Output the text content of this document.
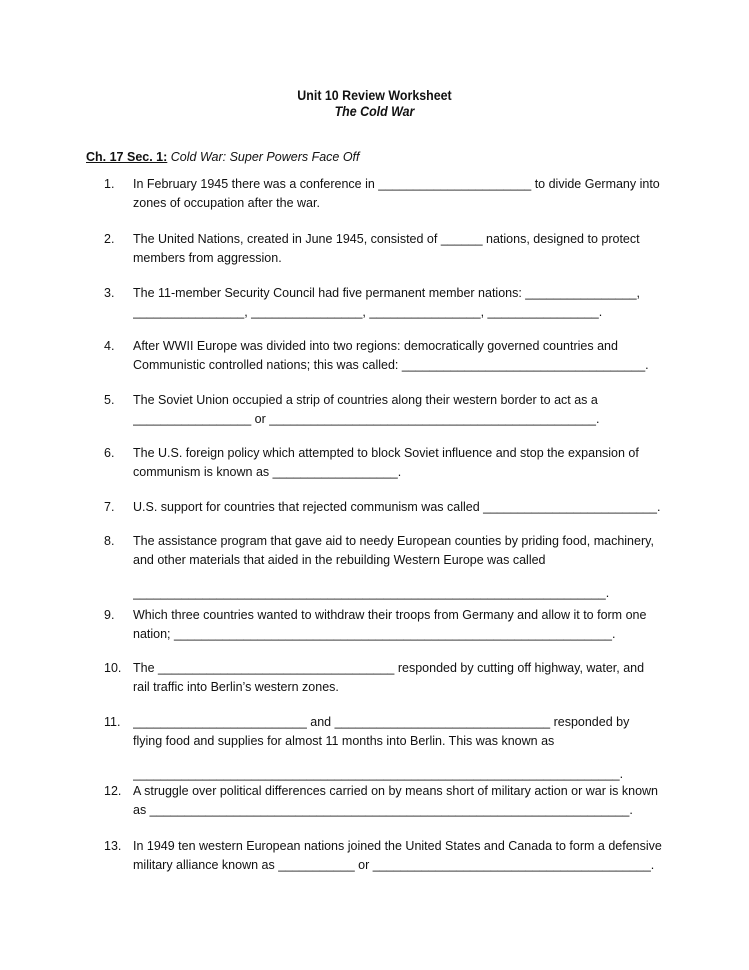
Unit 10 Review Worksheet
The Cold War
Ch. 17 Sec. 1: Cold War: Super Powers Face Off
1. In February 1945 there was a conference in ______________________ to divide Germany into
zones of occupation after the war.
2. The United Nations, created in June 1945, consisted of ______ nations, designed to protect
members from aggression.
3. The 11-member Security Council had five permanent member nations: ________________,
________________, ________________, ________________, ________________.
4. After WWII Europe was divided into two regions: democratically governed countries and
Communistic controlled nations; this was called: ___________________________________.
5. The Soviet Union occupied a strip of countries along their western border to act as a
_________________ or _______________________________________________.
6. The U.S. foreign policy which attempted to block Soviet influence and stop the expansion of
communism is known as __________________.
7. U.S. support for countries that rejected communism was called _________________________.
8. The assistance program that gave aid to needy European counties by priding food, machinery,
and other materials that aided in the rebuilding Western Europe was called
____________________________________________________________________.
9. Which three countries wanted to withdraw their troops from Germany and allow it to form one
nation; _______________________________________________________________.
10. The __________________________________ responded by cutting off highway, water, and
rail traffic into Berlin’s western zones.
11. _________________________ and _______________________________ responded by
flying food and supplies for almost 11 months into Berlin. This was known as
______________________________________________________________________.
12. A struggle over political differences carried on by means short of military action or war is known
as _____________________________________________________________________.
13. In 1949 ten western European nations joined the United States and Canada to form a defensive
military alliance known as ___________ or ________________________________________.
